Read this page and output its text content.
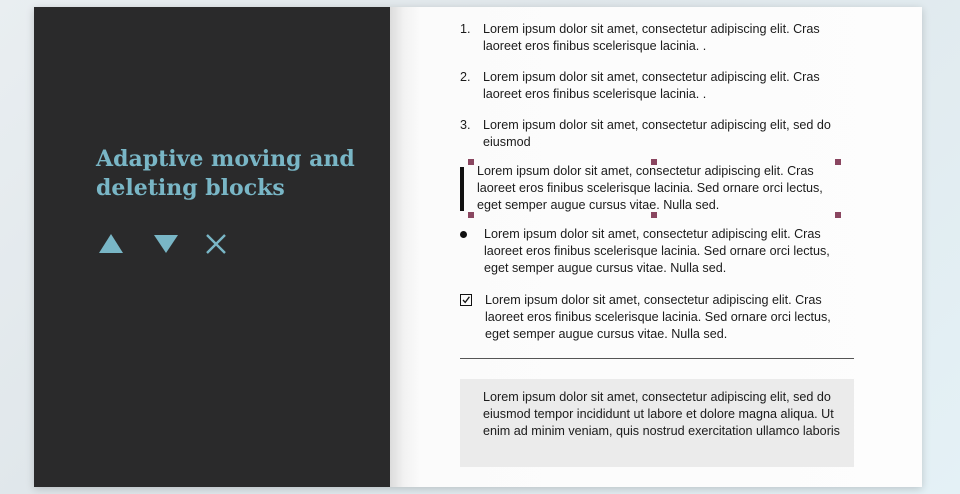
Adaptive moving and deleting blocks
1. Lorem ipsum dolor sit amet, consectetur adipiscing elit. Cras laoreet eros finibus scelerisque lacinia. .
2. Lorem ipsum dolor sit amet, consectetur adipiscing elit. Cras laoreet eros finibus scelerisque lacinia. .
3. Lorem ipsum dolor sit amet, consectetur adipiscing elit, sed do eiusmod
Lorem ipsum dolor sit amet, consectetur adipiscing elit. Cras laoreet eros finibus scelerisque lacinia. Sed ornare orci lectus, eget semper augue cursus vitae. Nulla sed.
Lorem ipsum dolor sit amet, consectetur adipiscing elit. Cras laoreet eros finibus scelerisque lacinia. Sed ornare orci lectus, eget semper augue cursus vitae. Nulla sed.
Lorem ipsum dolor sit amet, consectetur adipiscing elit. Cras laoreet eros finibus scelerisque lacinia. Sed ornare orci lectus, eget semper augue cursus vitae. Nulla sed.
Lorem ipsum dolor sit amet, consectetur adipiscing elit, sed do eiusmod tempor incididunt ut labore et dolore magna aliqua. Ut enim ad minim veniam, quis nostrud exercitation ullamco laboris
